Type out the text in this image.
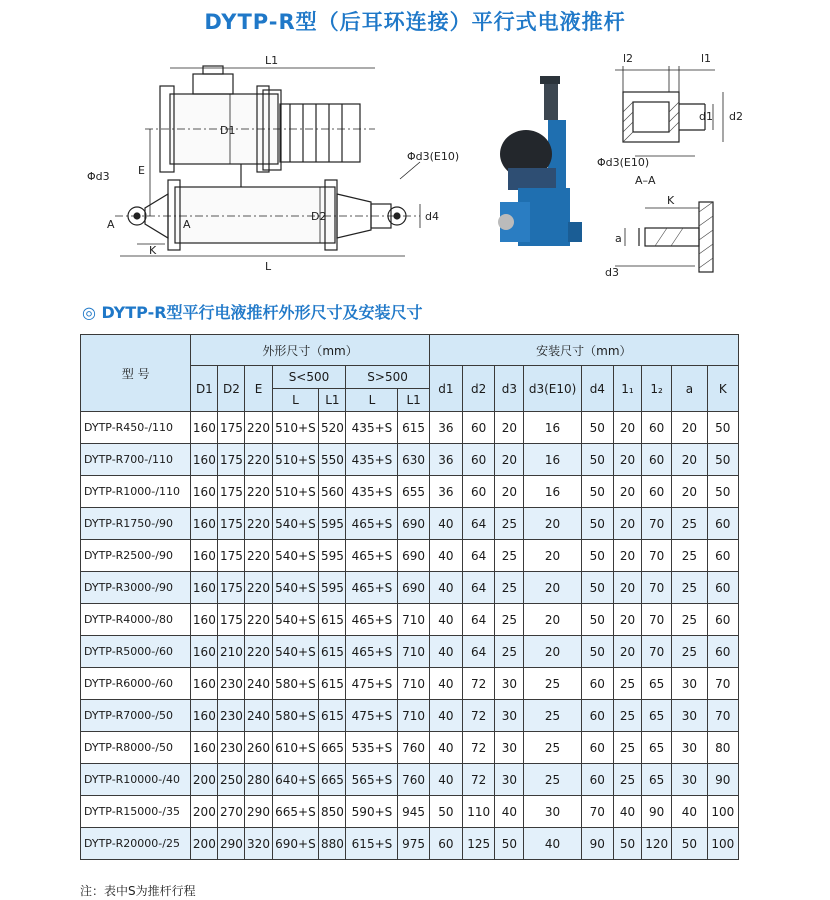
DYTP-R型（后耳环连接）平行式电液推杆
L1
D1
E
Φd3
A	A
K
L
D2
Φd3(E10)
d4
l2	l1
d1 d2
Φd3(E10)
A–A
K
a
d3
◎ DYTP-R型平行电液推杆外形尺寸及安装尺寸
型 号	外形尺寸（mm）							安装尺寸（mm）								
	D1	D2	E	S<500		S>500		d1	d2	d3	d3(E10)	d4	1₁	1₂	a	K
				L	L1	L	L1									
DYTP-R450-/110	160	175	220	510+S	520	435+S	615	36	60	20	16	50	20	60	20	50
DYTP-R700-/110	160	175	220	510+S	550	435+S	630	36	60	20	16	50	20	60	20	50
DYTP-R1000-/110	160	175	220	510+S	560	435+S	655	36	60	20	16	50	20	60	20	50
DYTP-R1750-/90	160	175	220	540+S	595	465+S	690	40	64	25	20	50	20	70	25	60
DYTP-R2500-/90	160	175	220	540+S	595	465+S	690	40	64	25	20	50	20	70	25	60
DYTP-R3000-/90	160	175	220	540+S	595	465+S	690	40	64	25	20	50	20	70	25	60
DYTP-R4000-/80	160	175	220	540+S	615	465+S	710	40	64	25	20	50	20	70	25	60
DYTP-R5000-/60	160	210	220	540+S	615	465+S	710	40	64	25	20	50	20	70	25	60
DYTP-R6000-/60	160	230	240	580+S	615	475+S	710	40	72	30	25	60	25	65	30	70
DYTP-R7000-/50	160	230	240	580+S	615	475+S	710	40	72	30	25	60	25	65	30	70
DYTP-R8000-/50	160	230	260	610+S	665	535+S	760	40	72	30	25	60	25	65	30	80
DYTP-R10000-/40	200	250	280	640+S	665	565+S	760	40	72	30	25	60	25	65	30	90
DYTP-R15000-/35	200	270	290	665+S	850	590+S	945	50	110	40	30	70	40	90	40	100
DYTP-R20000-/25	200	290	320	690+S	880	615+S	975	60	125	50	40	90	50	120	50	100
注：表中S为推杆行程
